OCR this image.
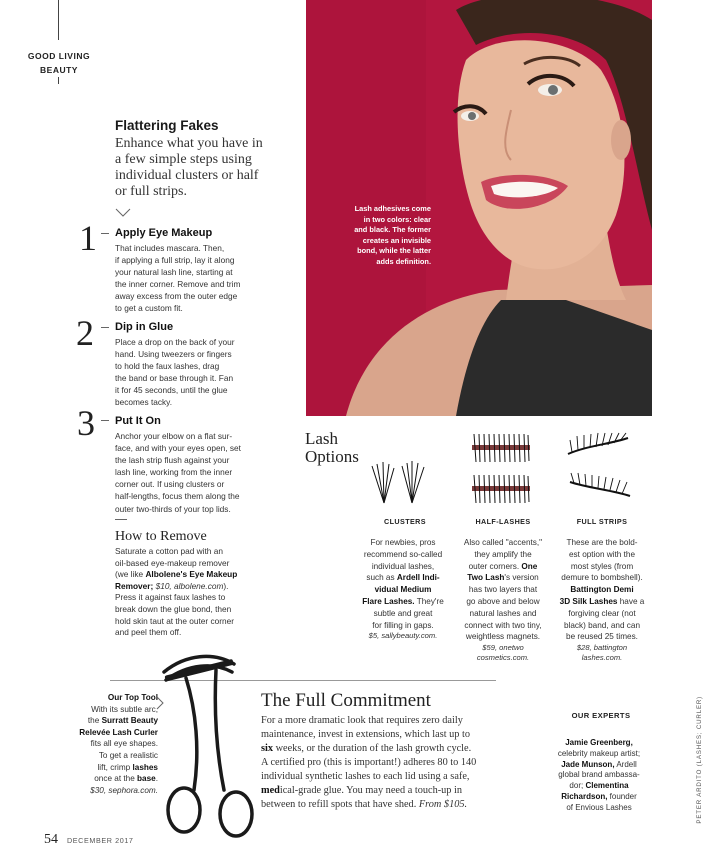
GOOD LIVING
BEAUTY
Flattering Fakes
Enhance what you have in a few simple steps using individual clusters or half or full strips.
1 Apply Eye Makeup
That includes mascara. Then,
if applying a full strip, lay it along
your natural lash line, starting at
the inner corner. Remove and trim
away excess from the outer edge
to get a custom fit.
2 Dip in Glue
Place a drop on the back of your
hand. Using tweezers or fingers
to hold the faux lashes, drag
the band or base through it. Fan
it for 45 seconds, until the glue
becomes tacky.
3 Put It On
Anchor your elbow on a flat sur-
face, and with your eyes open, set
the lash strip flush against your
lash line, working from the inner
corner out. If using clusters or
half-lengths, focus them along the
outer two-thirds of your top lids.
How to Remove
Saturate a cotton pad with an
oil-based eye-makeup remover
(we like Albolene's Eye Makeup
Remover; $10, albolene.com).
Press it against faux lashes to
break down the glue bond, then
hold skin taut at the outer corner
and peel them off.
Lash adhesives come
in two colors: clear
and black. The former
creates an invisible
bond, while the latter
adds definition.
Lash
Options
CLUSTERS
For newbies, pros
recommend so-called
individual lashes,
such as Ardell Indi-
vidual Medium
Flare Lashes. They're
subtle and great
for filling in gaps.
$5, sallybeauty.com.
HALF-LASHES
Also called "accents,"
they amplify the
outer corners. One
Two Lash's version
has two layers that
go above and below
natural lashes and
connect with two tiny,
weightless magnets.
$59, onetwo
cosmetics.com.
FULL STRIPS
These are the bold-
est option with the
most styles (from
demure to bombshell).
Battington Demi
3D Silk Lashes have a
forgiving clear (not
black) band, and can
be reused 25 times.
$28, battington
lashes.com.
Our Top Tool
With its subtle arc,
the Surratt Beauty
Relevée Lash Curler
fits all eye shapes.
To get a realistic
lift, crimp lashes
once at the base.
$30, sephora.com.
The Full Commitment
For a more dramatic look that requires zero daily
maintenance, invest in extensions, which last up to
six weeks, or the duration of the lash growth cycle.
A certified pro (this is important!) adheres 80 to 140
individual synthetic lashes to each lid using a safe,
medical-grade glue. You may need a touch-up in
between to refill spots that have shed. From $105.
OUR EXPERTS
Jamie Greenberg,
celebrity makeup artist;
Jade Munson, Ardell
global brand ambassa-
dor; Clementina
Richardson, founder
of Envious Lashes	PETER ARDITO (LASHES; CURLER)
54 DECEMBER 2017
